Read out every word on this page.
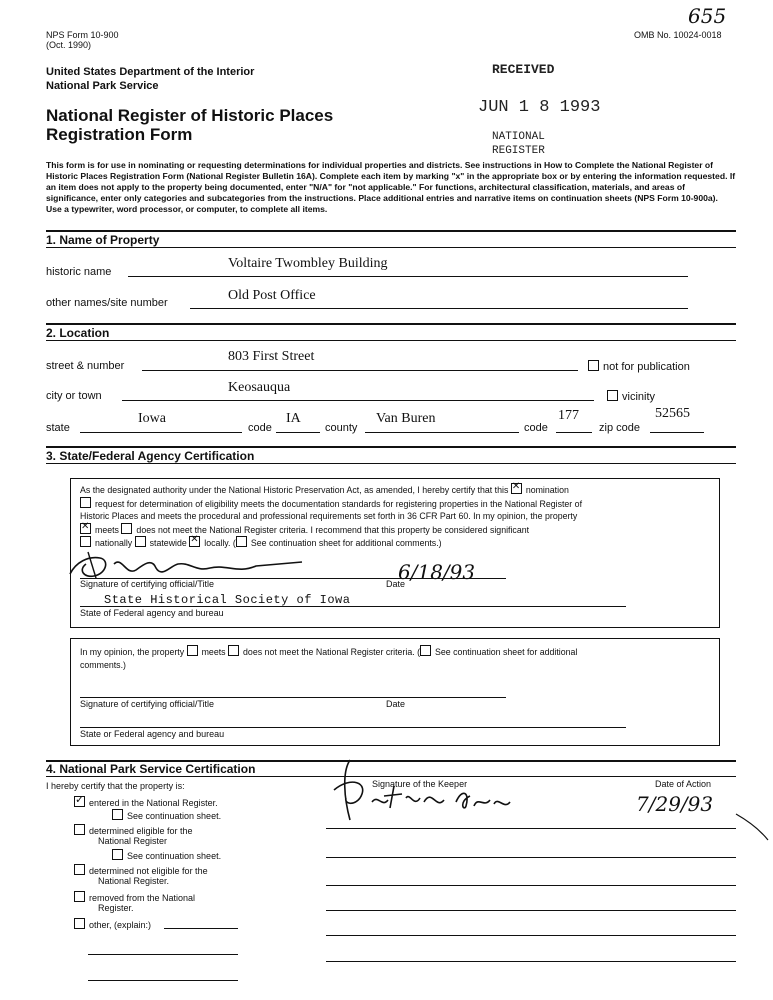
NPS Form 10-900
(Oct. 1990)
OMB No. 10024-0018
655
United States Department of the Interior
National Park Service
National Register of Historic Places
Registration Form
RECEIVED
JUN 1 8 1993
NATIONAL
REGISTER
This form is for use in nominating or requesting determinations for individual properties and districts. See instructions in How to Complete the National Register of Historic Places Registration Form (National Register Bulletin 16A). Complete each item by marking "x" in the appropriate box or by entering the information requested. If an item does not apply to the property being documented, enter "N/A" for "not applicable." For functions, architectural classification, materials, and areas of significance, enter only categories and subcategories from the instructions. Place additional entries and narrative items on continuation sheets (NPS Form 10-900a). Use a typewriter, word processor, or computer, to complete all items.
1. Name of Property
historic name
Voltaire Twombley Building
other names/site number	Old Post Office
2. Location
street & number
803 First Street
not for publication
city or town
Keosauqua
vicinity
state
Iowa
code
IA
county
Van Buren
code
177
zip code
52565
3. State/Federal Agency Certification
As the designated authority under the National Historic Preservation Act, as amended, I hereby certify that this ✕ nomination
request for determination of eligibility meets the documentation standards for registering properties in the National Register of
Historic Places and meets the procedural and professional requirements set forth in 36 CFR Part 60. In my opinion, the property
✕meets does not meet the National Register criteria. I recommend that this property be considered significant
nationally statewide ✕ locally. ( See continuation sheet for additional comments.)
6/18/93
Signature of certifying official/Title	Date
State Historical Society of Iowa
State of Federal agency and bureau
In my opinion, the property meets does not meet the National Register criteria. ( See continuation sheet for additional
comments.)
Signature of certifying official/Title	Date
State or Federal agency and bureau
4. National Park Service Certification
I hereby certify that the property is:	Signature of the Keeper	Date of Action
7/29/93
✓entered in the National Register.
See continuation sheet.
determined eligible for the
National Register
See continuation sheet.
determined not eligible for the
National Register.
removed from the National
Register.
other, (explain:)
